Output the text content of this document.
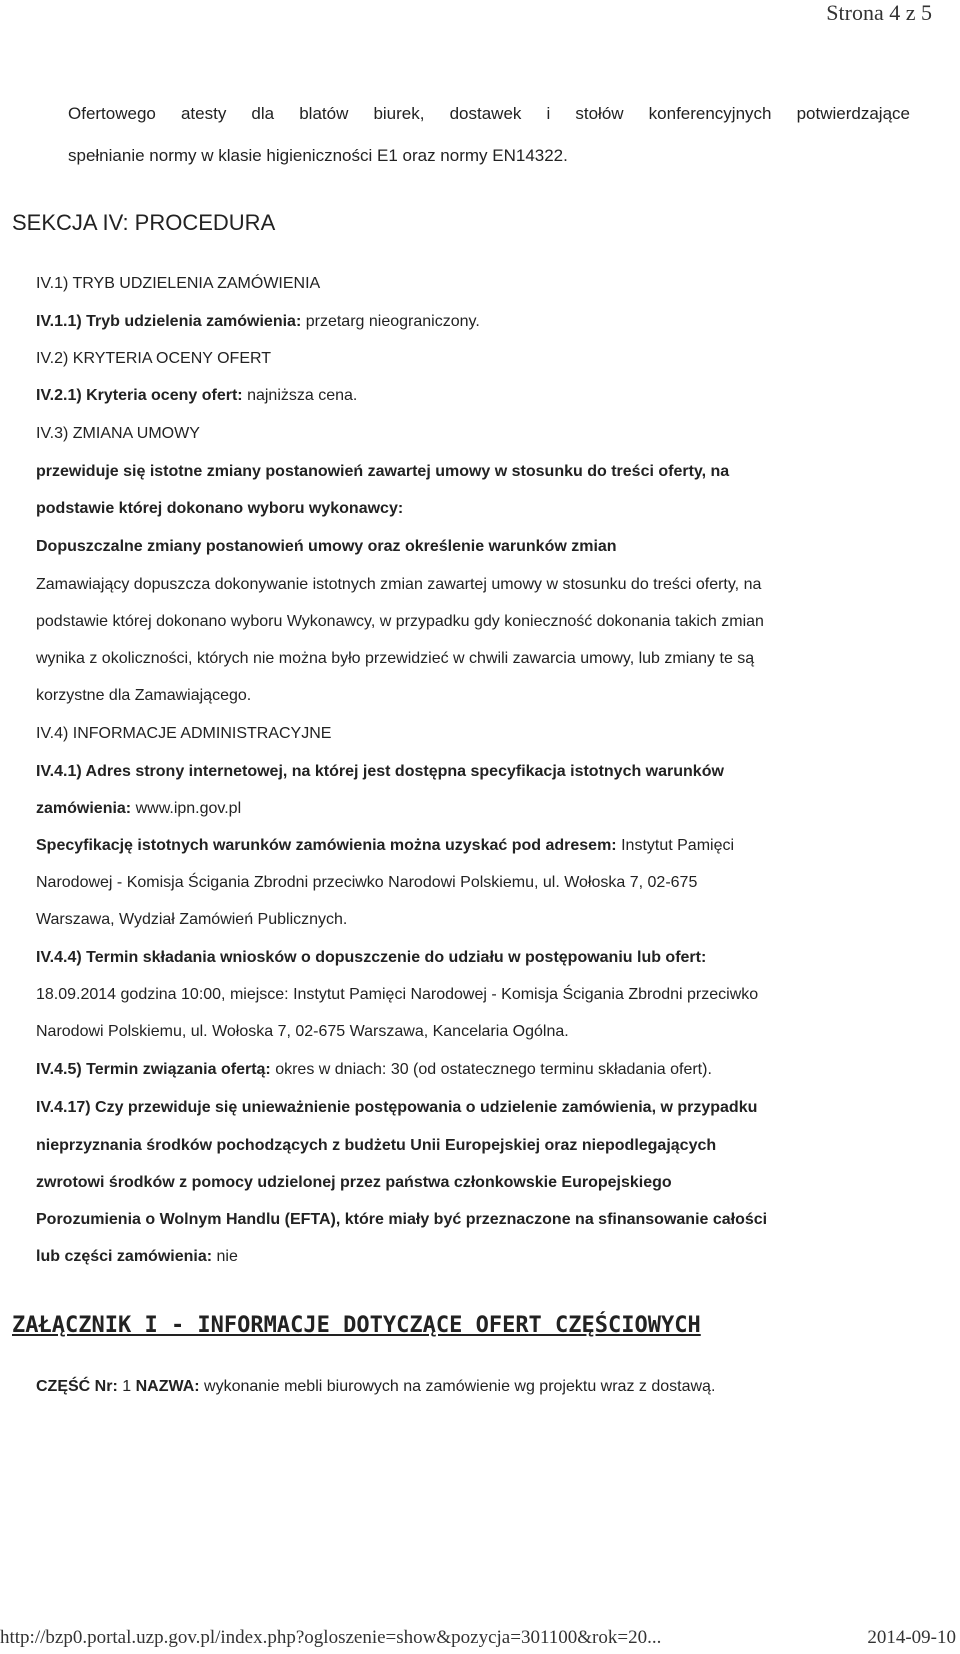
Strona 4 z 5
Ofertowego atesty dla blatów biurek, dostawek i stołów konferencyjnych potwierdzające
spełnianie normy w klasie higieniczności E1 oraz normy EN14322.
SEKCJA IV: PROCEDURA
IV.1) TRYB UDZIELENIA ZAMÓWIENIA
IV.1.1) Tryb udzielenia zamówienia: przetarg nieograniczony.
IV.2) KRYTERIA OCENY OFERT
IV.2.1) Kryteria oceny ofert: najniższa cena.
IV.3) ZMIANA UMOWY
przewiduje się istotne zmiany postanowień zawartej umowy w stosunku do treści oferty, na
podstawie której dokonano wyboru wykonawcy:
Dopuszczalne zmiany postanowień umowy oraz określenie warunków zmian
Zamawiający dopuszcza dokonywanie istotnych zmian zawartej umowy w stosunku do treści oferty, na
podstawie której dokonano wyboru Wykonawcy, w przypadku gdy konieczność dokonania takich zmian
wynika z okoliczności, których nie można było przewidzieć w chwili zawarcia umowy, lub zmiany te są
korzystne dla Zamawiającego.
IV.4) INFORMACJE ADMINISTRACYJNE
IV.4.1) Adres strony internetowej, na której jest dostępna specyfikacja istotnych warunków
zamówienia: www.ipn.gov.pl
Specyfikację istotnych warunków zamówienia można uzyskać pod adresem: Instytut Pamięci
Narodowej - Komisja Ścigania Zbrodni przeciwko Narodowi Polskiemu, ul. Wołoska 7, 02-675
Warszawa, Wydział Zamówień Publicznych.
IV.4.4) Termin składania wniosków o dopuszczenie do udziału w postępowaniu lub ofert:
18.09.2014 godzina 10:00, miejsce: Instytut Pamięci Narodowej - Komisja Ścigania Zbrodni przeciwko
Narodowi Polskiemu, ul. Wołoska 7, 02-675 Warszawa, Kancelaria Ogólna.
IV.4.5) Termin związania ofertą: okres w dniach: 30 (od ostatecznego terminu składania ofert).
IV.4.17) Czy przewiduje się unieważnienie postępowania o udzielenie zamówienia, w przypadku
nieprzyznania środków pochodzących z budżetu Unii Europejskiej oraz niepodlegających
zwrotowi środków z pomocy udzielonej przez państwa członkowskie Europejskiego
Porozumienia o Wolnym Handlu (EFTA), które miały być przeznaczone na sfinansowanie całości
lub części zamówienia: nie
ZAŁĄCZNIK I - INFORMACJE DOTYCZĄCE OFERT CZĘŚCIOWYCH
CZĘŚĆ Nr: 1 NAZWA: wykonanie mebli biurowych na zamówienie wg projektu wraz z dostawą.
http://bzp0.portal.uzp.gov.pl/index.php?ogloszenie=show&pozycja=301100&rok=20...	2014-09-10
